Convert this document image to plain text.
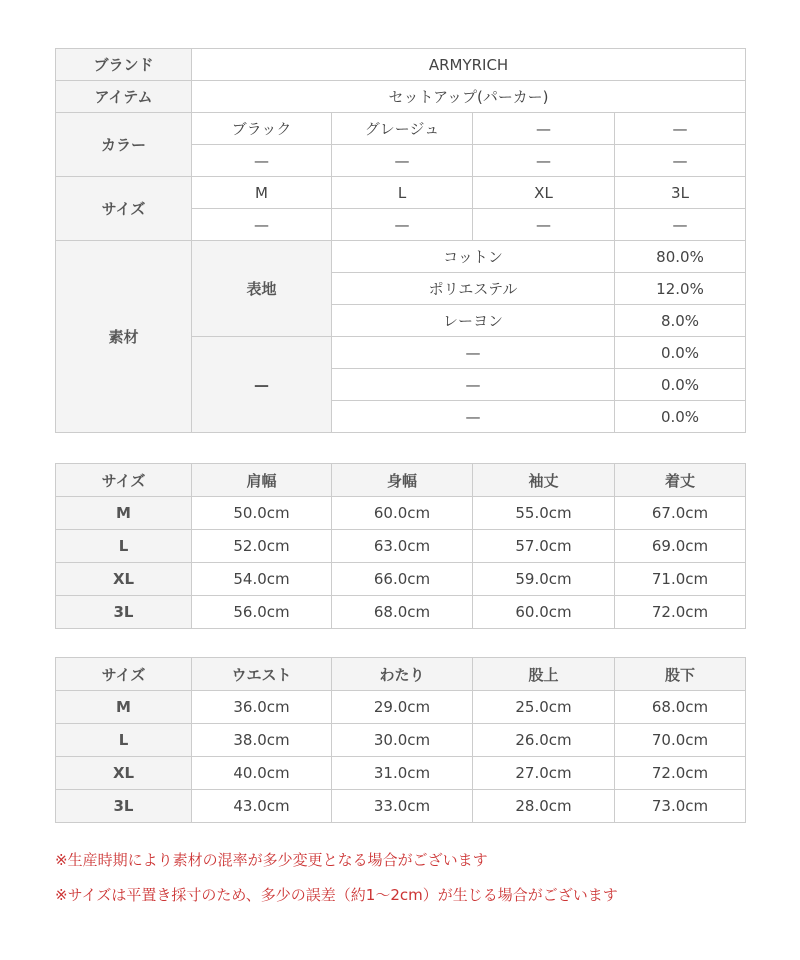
ブランド	ARMYRICH			
アイテム	セットアップ(パーカー)			
カラー	ブラック	グレージュ	—	—
	—	—	—	—
サイズ	M	L	XL	3L
	—	—	—	—
素材	表地	コットン		80.0%
		ポリエステル		12.0%
		レーヨン		8.0%
	—	—		0.0%
		—		0.0%
		—		0.0%
サイズ	肩幅	身幅	袖丈	着丈
M	50.0cm	60.0cm	55.0cm	67.0cm
L	52.0cm	63.0cm	57.0cm	69.0cm
XL	54.0cm	66.0cm	59.0cm	71.0cm
3L	56.0cm	68.0cm	60.0cm	72.0cm
サイズ	ウエスト	わたり	股上	股下
M	36.0cm	29.0cm	25.0cm	68.0cm
L	38.0cm	30.0cm	26.0cm	70.0cm
XL	40.0cm	31.0cm	27.0cm	72.0cm
3L	43.0cm	33.0cm	28.0cm	73.0cm

※生産時期により素材の混率が多少変更となる場合がございます

※サイズは平置き採寸のため、多少の誤差（約1〜2cm）が生じる場合がございます
